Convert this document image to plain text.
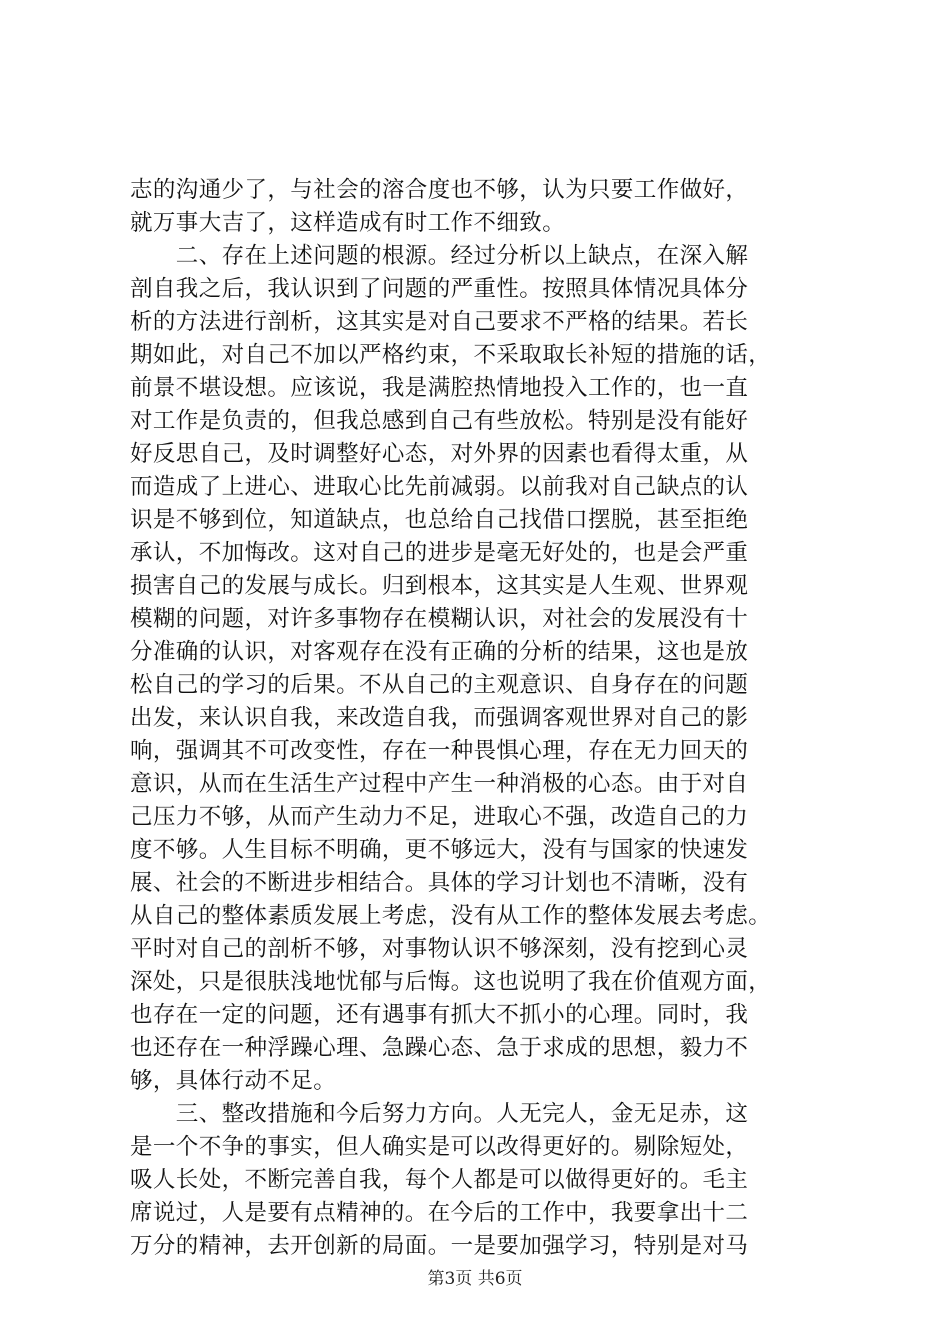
志的沟通少了，与社会的溶合度也不够，认为只要工作做好，
就万事大吉了，这样造成有时工作不细致。
　　二、存在上述问题的根源。经过分析以上缺点，在深入解
剖自我之后，我认识到了问题的严重性。按照具体情况具体分
析的方法进行剖析，这其实是对自己要求不严格的结果。若长
期如此，对自己不加以严格约束，不采取取长补短的措施的话，
前景不堪设想。应该说，我是满腔热情地投入工作的，也一直
对工作是负责的，但我总感到自己有些放松。特别是没有能好
好反思自己，及时调整好心态，对外界的因素也看得太重，从
而造成了上进心、进取心比先前减弱。以前我对自己缺点的认
识是不够到位，知道缺点，也总给自己找借口摆脱，甚至拒绝
承认，不加悔改。这对自己的进步是毫无好处的，也是会严重
损害自己的发展与成长。归到根本，这其实是人生观、世界观
模糊的问题，对许多事物存在模糊认识，对社会的发展没有十
分准确的认识，对客观存在没有正确的分析的结果，这也是放
松自己的学习的后果。不从自己的主观意识、自身存在的问题
出发，来认识自我，来改造自我，而强调客观世界对自己的影
响，强调其不可改变性，存在一种畏惧心理，存在无力回天的
意识，从而在生活生产过程中产生一种消极的心态。由于对自
己压力不够，从而产生动力不足，进取心不强，改造自己的力
度不够。人生目标不明确，更不够远大，没有与国家的快速发
展、社会的不断进步相结合。具体的学习计划也不清晰，没有
从自己的整体素质发展上考虑，没有从工作的整体发展去考虑。
平时对自己的剖析不够，对事物认识不够深刻，没有挖到心灵
深处，只是很肤浅地忧郁与后悔。这也说明了我在价值观方面，
也存在一定的问题，还有遇事有抓大不抓小的心理。同时，我
也还存在一种浮躁心理、急躁心态、急于求成的思想，毅力不
够，具体行动不足。
　　三、整改措施和今后努力方向。人无完人，金无足赤，这
是一个不争的事实，但人确实是可以改得更好的。剔除短处，
吸人长处，不断完善自我，每个人都是可以做得更好的。毛主
席说过，人是要有点精神的。在今后的工作中，我要拿出十二
万分的精神，去开创新的局面。一是要加强学习，特别是对马
第3页 共6页
